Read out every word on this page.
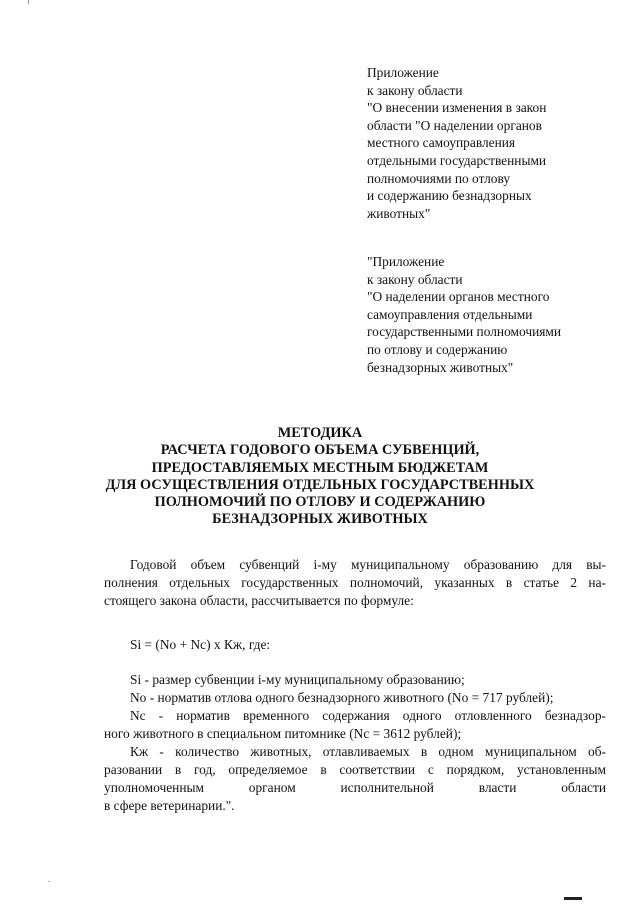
Приложение
к закону области
"О внесении изменения в закон
области "О наделении органов
местного самоуправления
отдельными государственными
полномочиями по отлову
и содержанию безнадзорных
животных"
"Приложение
к закону области
"О наделении органов местного
самоуправления отдельными
государственными полномочиями
по отлову и содержанию
безнадзорных животных"
МЕТОДИКА
РАСЧЕТА ГОДОВОГО ОБЪЕМА СУБВЕНЦИЙ,
ПРЕДОСТАВЛЯЕМЫХ МЕСТНЫМ БЮДЖЕТАМ
ДЛЯ ОСУЩЕСТВЛЕНИЯ ОТДЕЛЬНЫХ ГОСУДАРСТВЕННЫХ
ПОЛНОМОЧИЙ ПО ОТЛОВУ И СОДЕРЖАНИЮ
БЕЗНАДЗОРНЫХ ЖИВОТНЫХ
Годовой объем субвенций i-му муниципальному образованию для вы-
полнения отдельных государственных полномочий, указанных в статье 2 на-
стоящего закона области, рассчитывается по формуле:
Si = (No + Nc) x Кж, где:
Si - размер субвенции i-му муниципальному образованию;
No - норматив отлова одного безнадзорного животного (No = 717 рублей);
Nc - норматив временного содержания одного отловленного безнадзор-
ного животного в специальном питомнике (Nc = 3612 рублей);
Кж - количество животных, отлавливаемых в одном муниципальном об-
разовании в год, определяемое в соответствии с порядком, установленным
уполномоченным органом исполнительной власти области
в сфере ветеринарии.".
